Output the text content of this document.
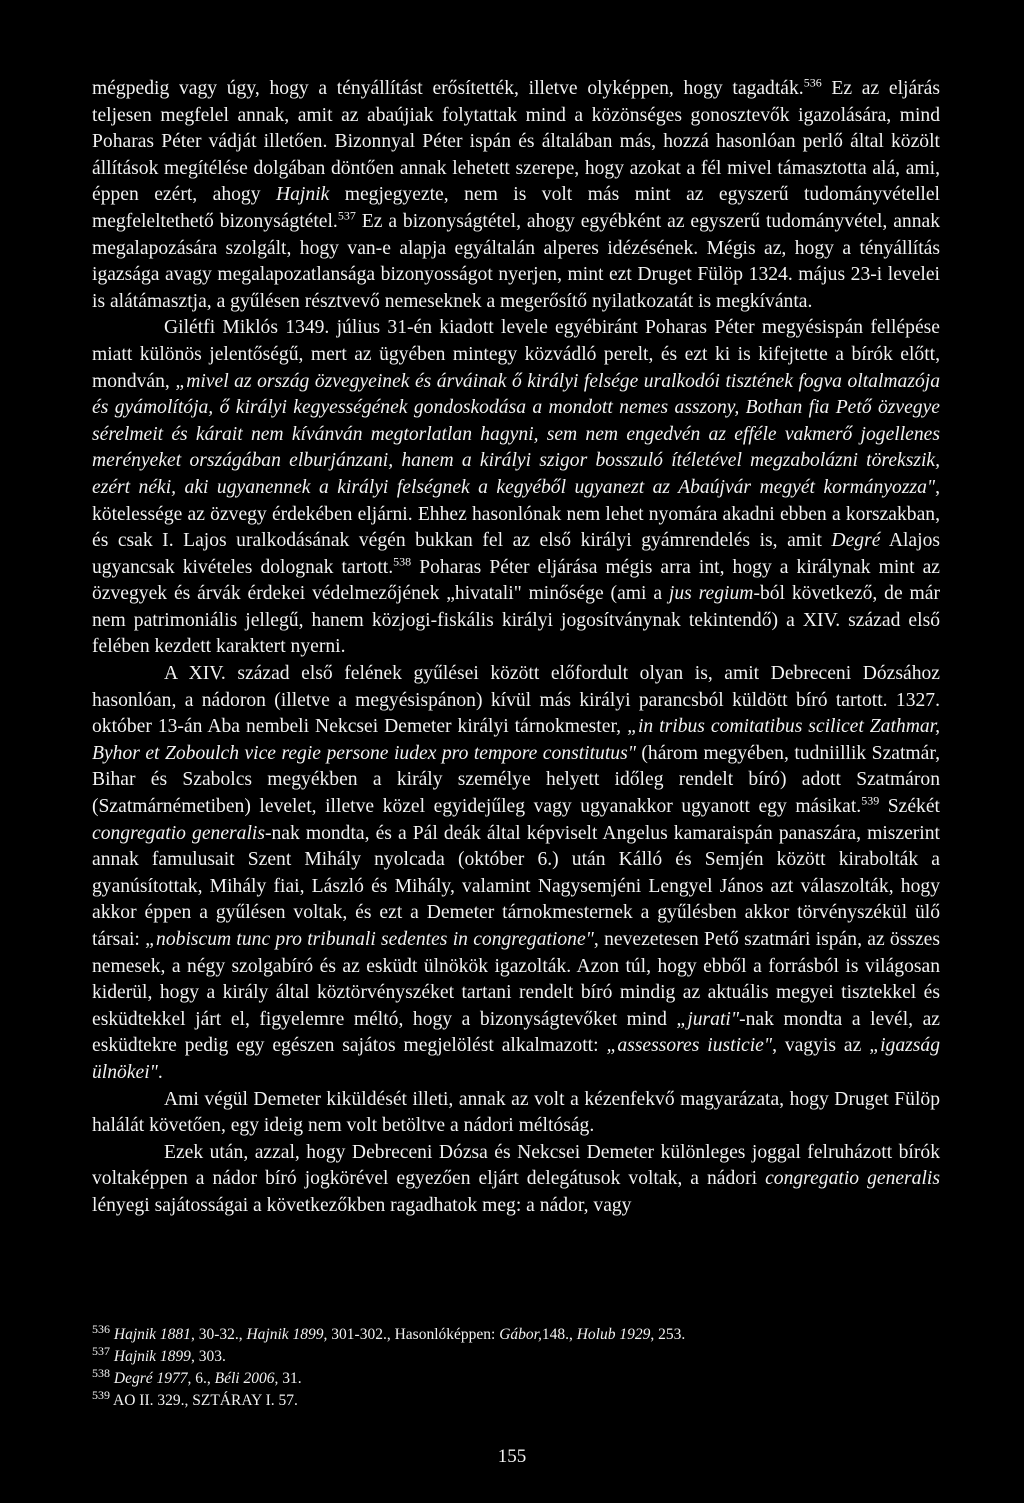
mégpedig vagy úgy, hogy a tényállítást erősítették, illetve olyképpen, hogy tagadták.$^{536}$ Ez az eljárás teljesen megfelel annak, amit az abaújiak folytattak mind a közönséges gonosztevők igazolására, mind Poharas Péter vádját illetően. Bizonnyal Péter ispán és általában más, hozzá hasonlóan perlő által közölt állítások megítélése dolgában döntően annak lehetett szerepe, hogy azokat a fél mivel támasztotta alá, ami, éppen ezért, ahogy Hajnik megjegyezte, nem is volt más mint az egyszerű tudományvétellel megfeleltethető bizonyságtétel.$^{537}$ Ez a bizonyságtétel, ahogy egyébként az egyszerű tudományvétel, annak megalapozására szolgált, hogy van-e alapja egyáltalán alperes idézésének. Mégis az, hogy a tényállítás igazsága avagy megalapozatlansága bizonyosságot nyerjen, mint ezt Druget Fülöp 1324. május 23-i levelei is alátámasztja, a gyűlésen résztvevő nemeseknek a megerősítő nyilatkozatát is megkívánta.

Gilétfi Miklós 1349. július 31-én kiadott levele egyébiránt Poharas Péter megyésispán fellépése miatt különös jelentőségű, mert az ügyében mintegy közvádló perelt, és ezt ki is kifejtette a bírók előtt, mondván, „mivel az ország özvegyeinek és árváinak ő királyi felsége uralkodói tisztének fogva oltalmazója és gyámolítója, ő királyi kegyességének gondoskodása a mondott nemes asszony, Bothan fia Pető özvegye sérelmeit és kárait nem kívánván megtorlatlan hagyni, sem nem engedvén az efféle vakmerő jogellenes merényeket országában elburjánzani, hanem a királyi szigor bosszuló ítéletével megzabolázni törekszik, ezért néki, aki ugyanennek a királyi felségnek a kegyéből ugyanezt az Abaújvár megyét kormányozza", kötelessége az özvegy érdekében eljárni. Ehhez hasonlónak nem lehet nyomára akadni ebben a korszakban, és csak I. Lajos uralkodásának végén bukkan fel az első királyi gyámrendelés is, amit Degré Alajos ugyancsak kivételes dolognak tartott.$^{538}$ Poharas Péter eljárása mégis arra int, hogy a királynak mint az özvegyek és árvák érdekei védelmezőjének „hivatali" minősége (ami a jus regium-ból következő, de már nem patrimoniális jellegű, hanem közjogi-fiskális királyi jogosítványnak tekintendő) a XIV. század első felében kezdett karaktert nyerni.

A XIV. század első felének gyűlései között előfordult olyan is, amit Debreceni Dózsához hasonlóan, a nádoron (illetve a megyésispánon) kívül más királyi parancsból küldött bíró tartott. 1327. október 13-án Aba nembeli Nekcsei Demeter királyi tárnokmester, „in tribus comitatibus scilicet Zathmar, Byhor et Zoboulch vice regie persone iudex pro tempore constitutus" (három megyében, tudniillik Szatmár, Bihar és Szabolcs megyékben a király személye helyett időleg rendelt bíró) adott Szatmáron (Szatmárnémetiben) levelet, illetve közel egyidejűleg vagy ugyanakkor ugyanott egy másikat.$^{539}$ Székét congregatio generalis-nak mondta, és a Pál deák által képviselt Angelus kamaraispán panaszára, miszerint annak famulusait Szent Mihály nyolcada (október 6.) után Kálló és Semjén között kirabolták a gyanúsítottak, Mihály fiai, László és Mihály, valamint Nagysemjéni Lengyel János azt válaszolták, hogy akkor éppen a gyűlésen voltak, és ezt a Demeter tárnokmesternek a gyűlésben akkor törvényszékül ülő társai: „nobiscum tunc pro tribunali sedentes in congregatione", nevezetesen Pető szatmári ispán, az összes nemesek, a négy szolgabíró és az esküdt ülnökök igazolták. Azon túl, hogy ebből a forrásból is világosan kiderül, hogy a király által köztörvényszéket tartani rendelt bíró mindig az aktuális megyei tisztekkel és esküdtekkel járt el, figyelemre méltó, hogy a bizonyságtevőket mind „jurati"-nak mondta a levél, az esküdtekre pedig egy egészen sajátos megjelölést alkalmazott: „assessores iusticie", vagyis az „igazság ülnökei".

Ami végül Demeter kiküldését illeti, annak az volt a kézenfekvő magyarázata, hogy Druget Fülöp halálát követően, egy ideig nem volt betöltve a nádori méltóság.

Ezek után, azzal, hogy Debreceni Dózsa és Nekcsei Demeter különleges joggal felruházott bírók voltaképpen a nádor bíró jogkörével egyezően eljárt delegátusok voltak, a nádori congregatio generalis lényegi sajátosságai a következőkben ragadhatok meg: a nádor, vagy

$^{536}$ Hajnik 1881, 30-32., Hajnik 1899, 301-302., Hasonlóképpen: Gábor,148., Holub 1929, 253.

$^{537}$ Hajnik 1899, 303.

$^{538}$ Degré 1977, 6., Béli 2006, 31.

$^{539}$ AO II. 329., SZTÁRAY I. 57.

155
